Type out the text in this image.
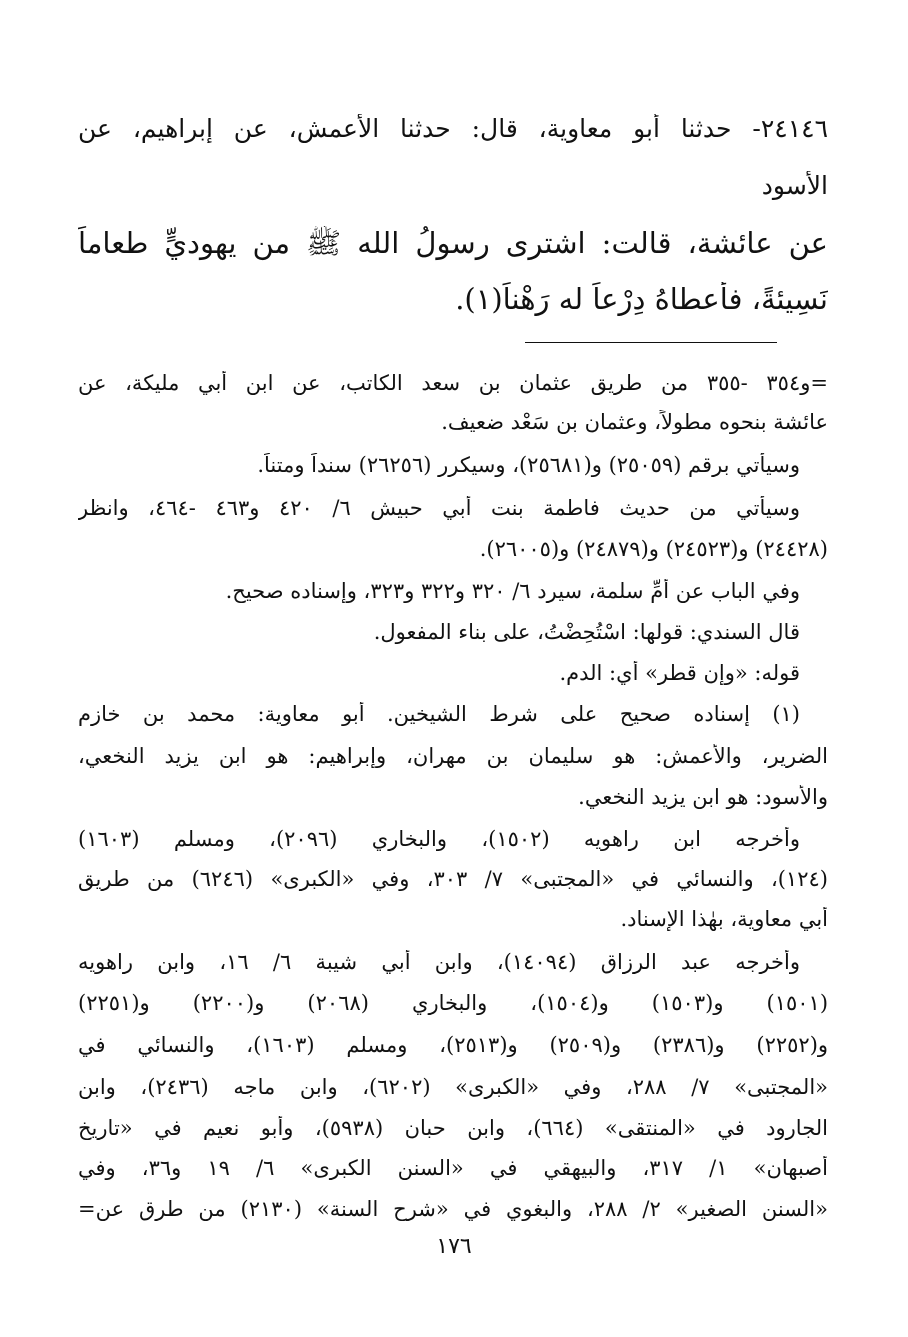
٢٤١٤٦- حدثنا أبو معاوية، قال: حدثنا الأعمش، عن إبراهيم، عن
الأسود
عن عائشة، قالت: اشترى رسولُ الله ﷺ من يهوديٍّ طعاماً
نَسِيئةً، فأعطاهُ دِرْعاً له رَهْناً(١).
=و٣٥٤ -٣٥٥ من طريق عثمان بن سعد الكاتب، عن ابن أبي مليكة، عن
عائشة بنحوه مطولاً، وعثمان بن سَعْد ضعيف.
وسيأتي برقم (٢٥٠٥٩) و(٢٥٦٨١)، وسيكرر (٢٦٢٥٦) سنداً ومتناً.
وسيأتي من حديث فاطمة بنت أبي حبيش ٦/ ٤٢٠ و٤٦٣ -٤٦٤، وانظر
(٢٤٤٢٨) و(٢٤٥٢٣) و(٢٤٨٧٩) و(٢٦٠٠٥).
وفي الباب عن أُمِّ سلمة، سيرد ٦/ ٣٢٠ و٣٢٢ و٣٢٣، وإسناده صحيح.
قال السندي: قولها: اسْتُحِضْتُ، على بناء المفعول.
قوله: «وإن قطر» أي: الدم.
(١) إسناده صحيح على شرط الشيخين. أبو معاوية: محمد بن خازم
الضرير، والأعمش: هو سليمان بن مهران، وإبراهيم: هو ابن يزيد النخعي،
والأسود: هو ابن يزيد النخعي.
وأخرجه ابن راهويه (١٥٠٢)، والبخاري (٢٠٩٦)، ومسلم (١٦٠٣)
(١٢٤)، والنسائي في «المجتبى» ٧/ ٣٠٣، وفي «الكبرى» (٦٢٤٦) من طريق
أبي معاوية، بهٰذا الإسناد.
وأخرجه عبد الرزاق (١٤٠٩٤)، وابن أبي شيبة ٦/ ١٦، وابن راهويه
(١٥٠١) و(١٥٠٣) و(١٥٠٤)، والبخاري (٢٠٦٨) و(٢٢٠٠) و(٢٢٥١)
و(٢٢٥٢) و(٢٣٨٦) و(٢٥٠٩) و(٢٥١٣)، ومسلم (١٦٠٣)، والنسائي في
«المجتبى» ٧/ ٢٨٨، وفي «الكبرى» (٦٢٠٢)، وابن ماجه (٢٤٣٦)، وابن
الجارود في «المنتقى» (٦٦٤)، وابن حبان (٥٩٣٨)، وأبو نعيم في «تاريخ
أصبهان» ١/ ٣١٧، والبيهقي في «السنن الكبرى» ٦/ ١٩ و٣٦، وفي
«السنن الصغير» ٢/ ٢٨٨، والبغوي في «شرح السنة» (٢١٣٠) من طرق عن=
١٧٦
